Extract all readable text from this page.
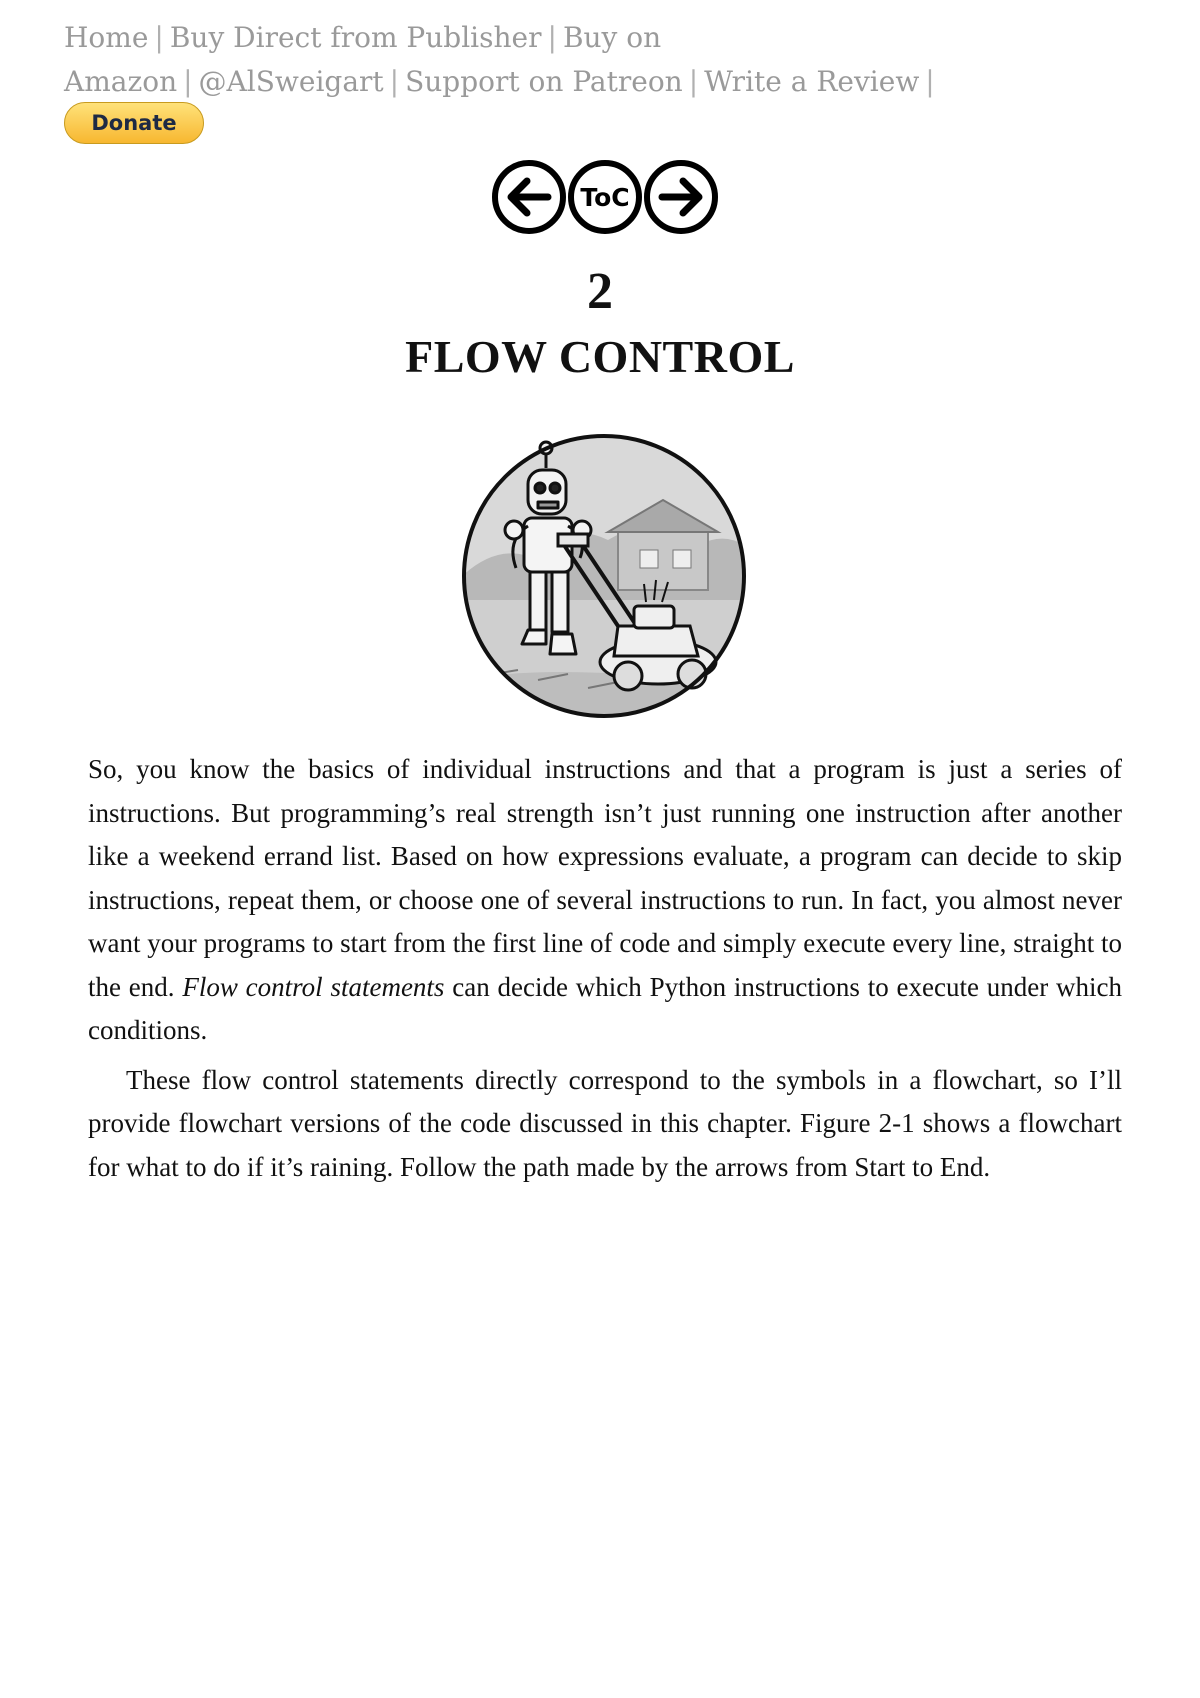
Home | Buy Direct from Publisher | Buy on Amazon | @AlSweigart | Support on Patreon | Write a Review |
Donate
ToC
2
FLOW CONTROL

So, you know the basics of individual instructions and that a program is just a series of instructions. But programming’s real strength isn’t just running one instruction after another like a weekend errand list. Based on how expressions evaluate, a program can decide to skip instructions, repeat them, or choose one of several instructions to run. In fact, you almost never want your programs to start from the first line of code and simply execute every line, straight to the end. Flow control statements can decide which Python instructions to execute under which conditions.

These flow control statements directly correspond to the symbols in a flowchart, so I’ll provide flowchart versions of the code discussed in this chapter. Figure 2-1 shows a flowchart for what to do if it’s raining. Follow the path made by the arrows from Start to End.
